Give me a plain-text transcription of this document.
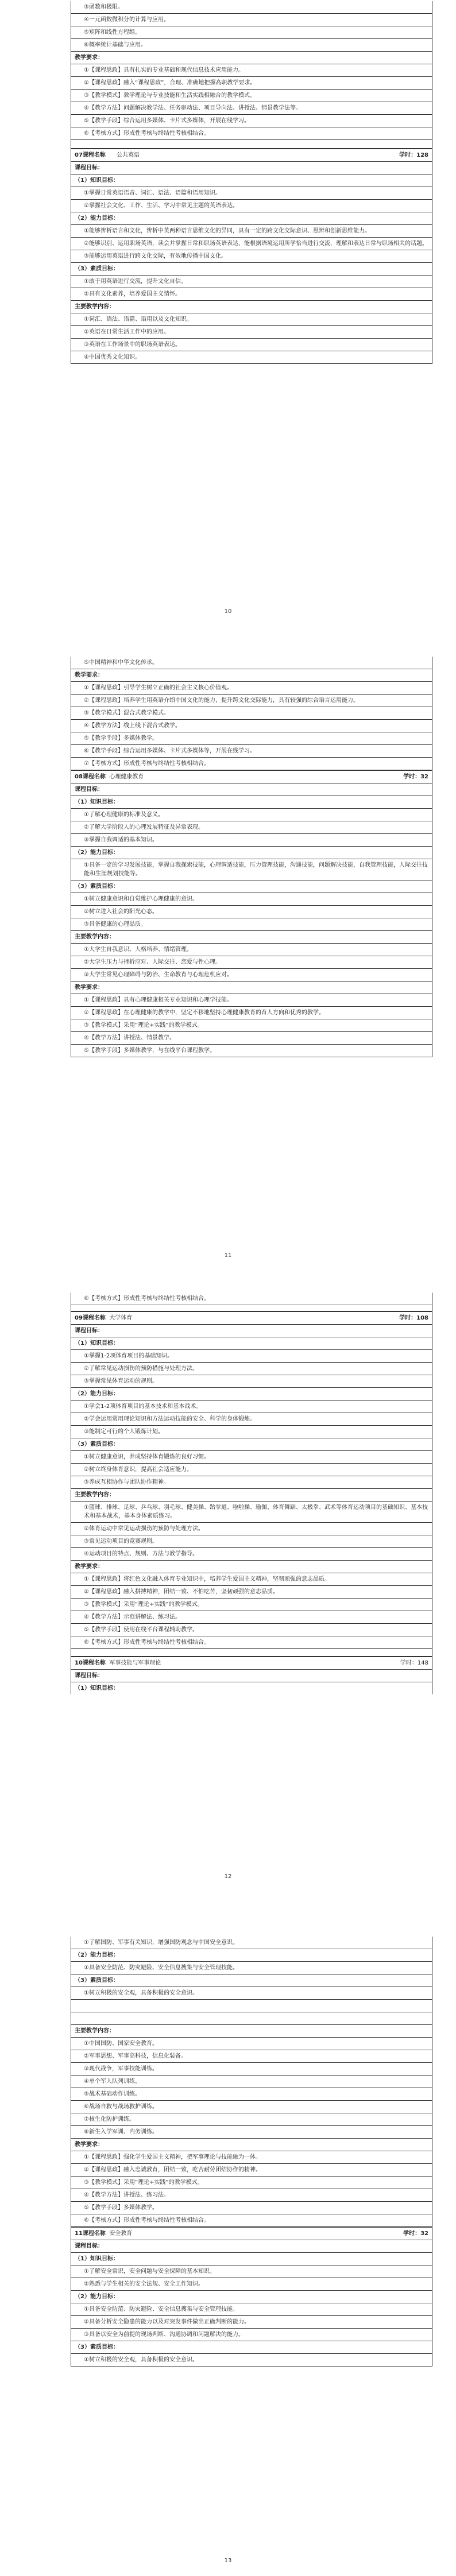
③函数和极限。
④一元函数微积分的计算与应用。
⑤矩阵和线性方程组。
⑥概率统计基础与应用。
教学要求：
①【课程思政】具有扎实的专业基础和现代信息技术应用能力。
②【课程思政】融入“课程思政”，合理、准确地把握高职教学要求。
③【教学模式】教学理论与专业技能和生活实践相融合的教学模式。
④【教学方法】问题解决教学法、任务驱动法、项目导向法、讲授法、情景教学法等。
⑤【教学手段】综合运用多媒体、卡片式多媒体，开展在线学习。
⑥【考核方式】形成性考核与终结性考核相结合。
07课程名称 公共英语	学时：128
课程目标：
（1）知识目标：
①掌握日常英语语音、词汇、语法、语篇和语用知识。
②掌握社会文化、工作、生活、学习中常见主题的英语表达。
（2）能力目标：
①能够辨析语言和文化，辨析中英两种语言思维文化的异同，具有一定的跨文化交际意识、思辨和创新思维能力。
②能够识别、运用职场英语，读会并掌握日常和职场英语表达，能根据语境运用所学恰当进行交流，理解和表达日常与职场相关的话题。
③能够运用英语进行跨文化交际，有效地传播中国文化。
（3）素质目标：
①敢于用英语进行交流，提升文化自信。
②具有文化素养，培养爱国主义情怀。
主要教学内容：
①词汇、语法、语篇、语用以及文化知识。
②英语在日常生活工作中的应用。
③英语在工作场景中的职场英语表达。
④中国优秀文化知识。
10
⑤中国精神和中华文化传承。
教学要求：
①【课程思政】引导学生树立正确的社会主义核心价值观。
②【课程思政】培养学生用英语介绍中国文化的能力，提升跨文化交际能力，具有较强的综合语言运用能力。
③【教学模式】混合式教学模式。
④【教学方法】线上线下混合式教学。
⑤【教学手段】多媒体教学。
⑥【教学手段】综合运用多媒体、卡片式多媒体等，开展在线学习。
⑦【考核方式】形成性考核与终结性考核相结合。
08课程名称 心理健康教育	学时：32
课程目标：
（1）知识目标：
①了解心理健康的标准及意义。
②了解大学阶段人的心理发展特征及异常表现。
③掌握自我调适的基本知识。
（2）能力目标：
①具备一定的学习发展技能，掌握自我探索技能，心理调适技能，压力管理技能，沟通技能，问题解决技能，自我管理技能，人际交往技能和生涯规划技能等。
（3）素质目标：
①树立健康意识和自觉维护心理健康的意识。
②树立进入社会的阳光心态。
③具备健康的心理品质。
主要教学内容：
①大学生自我意识、人格培养、情绪管理。
②大学生压力与挫折应对、人际交往、恋爱与性心理。
③大学生常见心理障碍与防治、生命教育与心理危机应对。
教学要求：
①【课程思政】具有心理健康相关专业知识和心理学技能。
②【课程思政】在心理健康的教学中，坚定不移地坚持心理健康教育的育人方向和优秀的教学。
③【教学模式】采用“理论+实践”的教学模式。
④【教学方法】讲授法、情景教学。
⑤【教学手段】多媒体教学，与在线平台课程教学。
11
⑥【考核方式】形成性考核与终结性考核相结合。
09课程名称 大学体育	学时：108
课程目标：
（1）知识目标：
①掌握1-2项体育项目的基础知识。
②了解常见运动损伤的预防措施与处理方法。
③掌握常见体育运动的规则。
（2）能力目标：
①学会1-2项体育项目的基本技术和基本战术。
②学会运用常用理论知识和方法运动技能的安全、科学的身体锻炼。
③能制定可行的个人锻炼计划。
（3）素质目标：
①树立健康意识，养成坚持体育锻炼的良好习惯。
②树立终身体育意识，提高社会适应能力。
③养成互相协作与团队协作精神。
主要教学内容：
①篮球、排球、足球、乒乓球、羽毛球、健美操、跆拳道、啦啦操、瑜伽、体育舞蹈、太极拳、武术等体育运动项目的基础知识、基本技术和基本战术，基本身体素质练习。
②体育运动中常见运动损伤的预防与处理方法。
③常见运动项目的竞赛规则。
④运动项目的特点、规则、方法与教学指导。
教学要求：
①【课程思政】将红色文化融入体育专业知识中，培养学生爱国主义精神，坚韧顽强的意志品质。
②【课程思政】融入拼搏精神，团结一致、不怕吃苦，坚韧顽强的意志品质。
③【教学模式】采用“理论+实践”的教学模式。
④【教学方法】示范讲解法、练习法。
⑤【教学手段】使用在线平台课程辅助教学。
⑥【考核方式】形成性考核与终结性考核相结合。
10课程名称 军事技能与军事理论	学时：148
课程目标：
（1）知识目标：
12
①了解国防、军事有关知识，增强国防观念与中国安全意识。
（2）能力目标：
①具备安全防范、防灾避险、安全信息搜集与安全管理技能。
（3）素质目标：
①树立积极的安全观，具备积极的安全意识。
主要教学内容：
①中国国防、国家安全教育。
②军事思想、军事高科技，信息化装备。
③现代战争，军事技能训练。
④单个军人队列训练。
⑤战术基础动作训练。
⑥战场自救与战场救护训练。
⑦核生化防护训练。
⑧新生入学军训、内务训练。
教学要求：
①【课程思政】强化学生爱国主义精神，把军事理论与技能融为一体。
②【课程思政】融入忠诚教育，团结一致，吃苦耐劳团结协作的精神。
③【教学模式】采用“理论+实践”的教学模式。
④【教学方法】讲授法、练习法。
⑤【教学手段】多媒体教学。
⑥【考核方式】形成性考核与终结性考核相结合。
11课程名称 安全教育	学时：32
课程目标：
（1）知识目标：
①了解安全常识，安全问题与安全保障的基本知识。
②熟悉与学生相关的安全法规、安全工作知识。
（2）能力目标：
①具备安全防范、防灾避险、安全信息搜集与安全管理技能。
②具备分析安全隐患的能力以及对突发事件做出正确判断的能力。
③具备以安全为前提的现场判断、沟通协调和问题解决的能力。
（3）素质目标：
①树立积极的安全观，具备积极的安全意识。
13
